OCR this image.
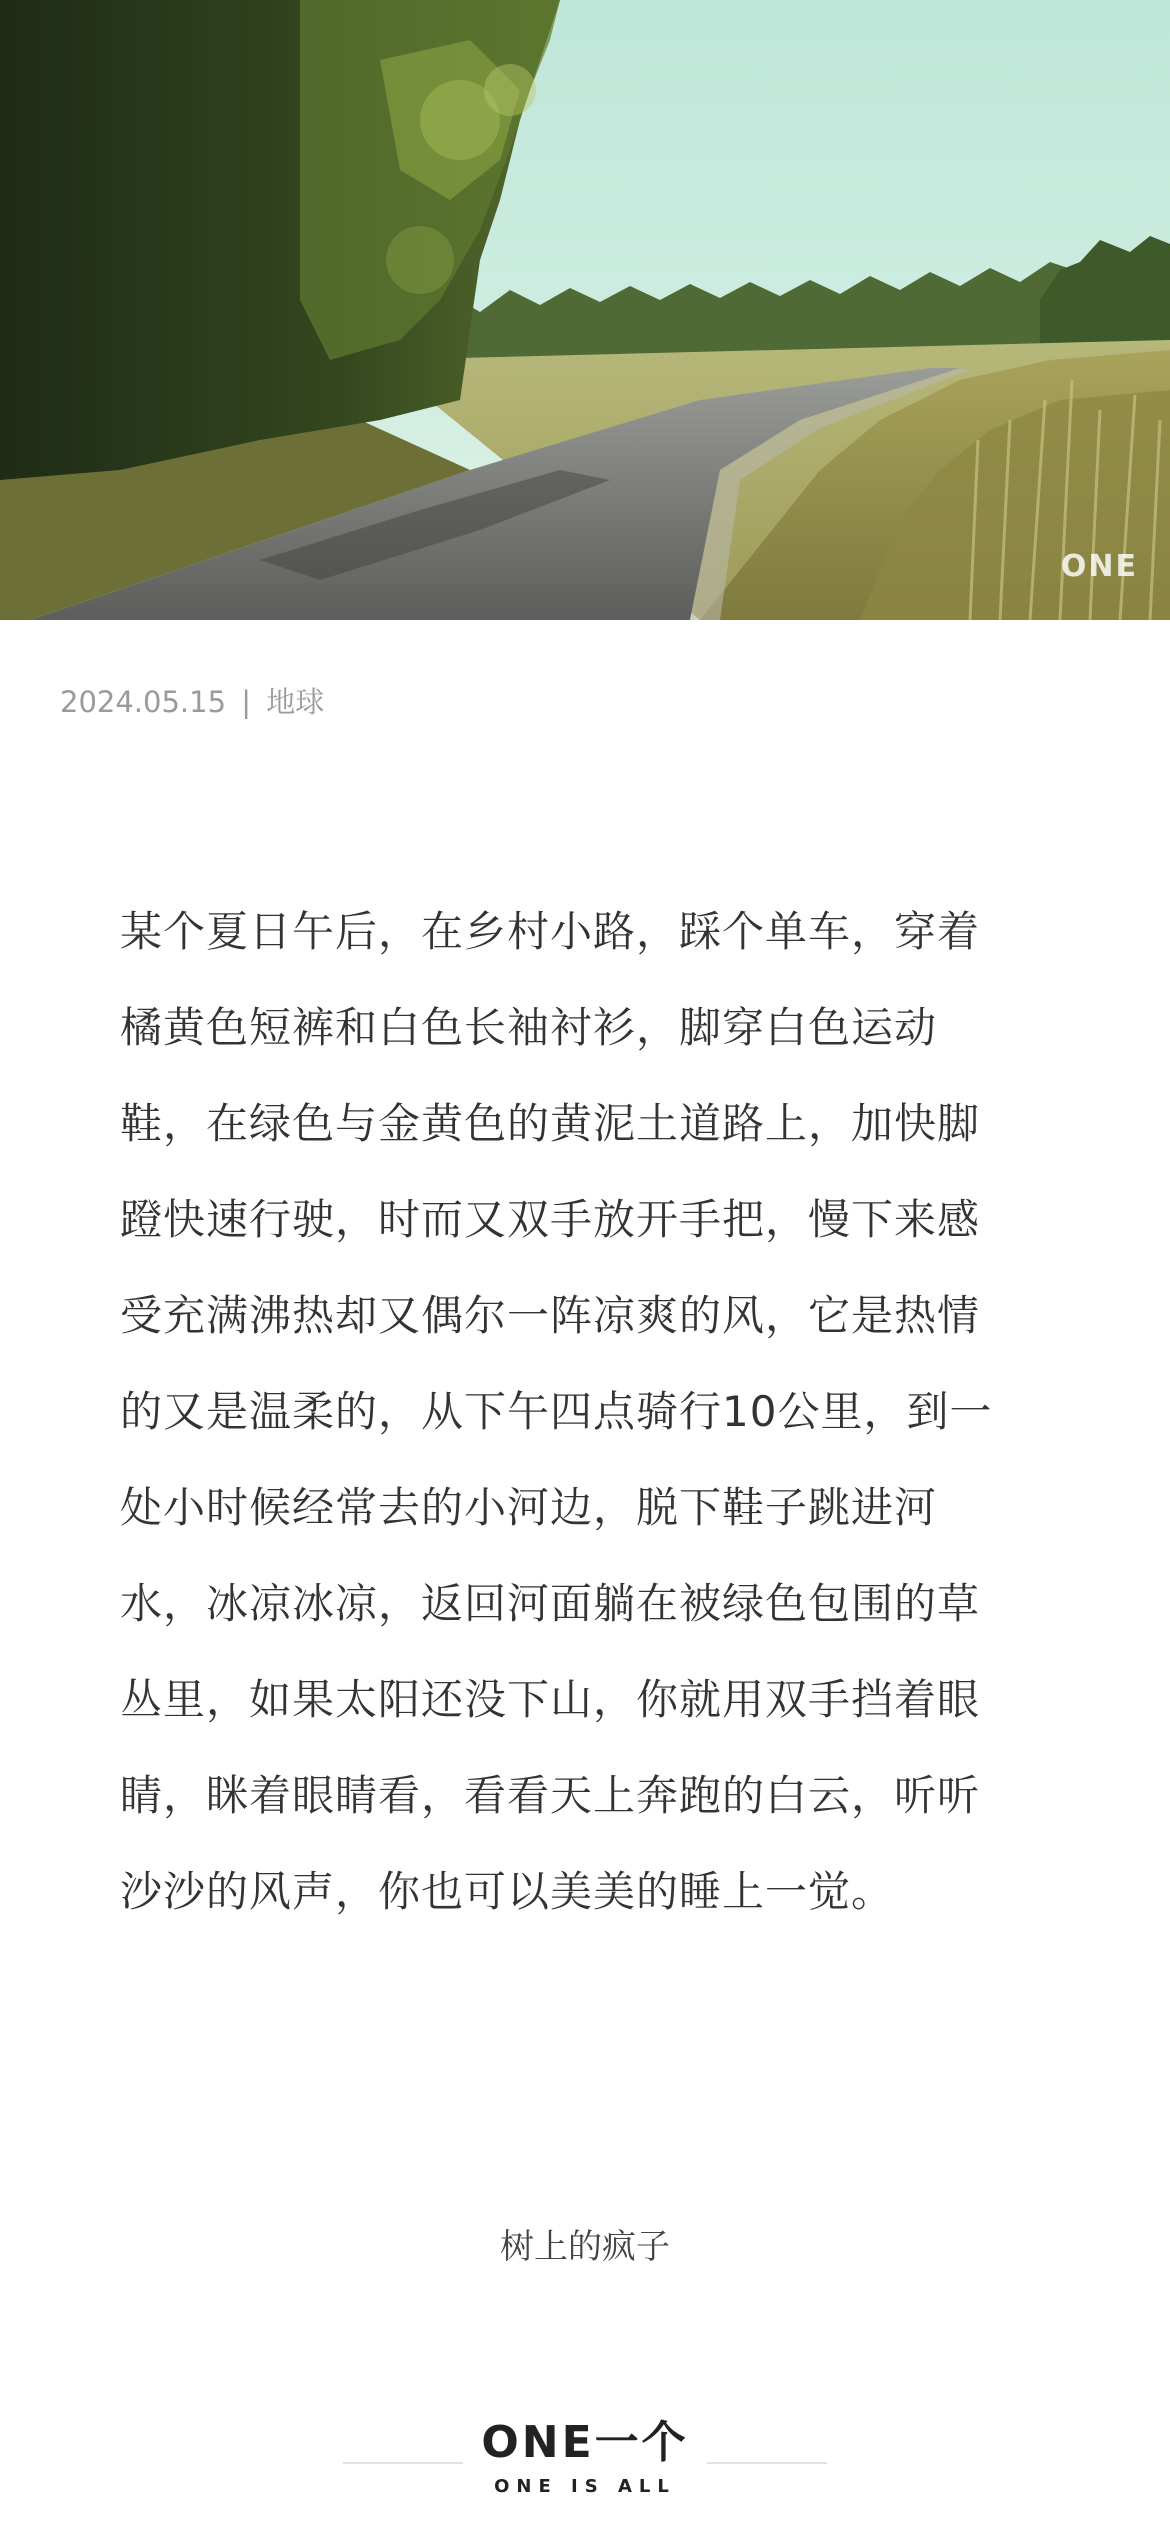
ONE
2024.05.15 | 地球
某个夏日午后，在乡村小路，踩个单车，穿着
橘黄色短裤和白色长袖衬衫，脚穿白色运动
鞋，在绿色与金黄色的黄泥土道路上，加快脚
蹬快速行驶，时而又双手放开手把，慢下来感
受充满沸热却又偶尔一阵凉爽的风，它是热情
的又是温柔的，从下午四点骑行10公里，到一
处小时候经常去的小河边，脱下鞋子跳进河
水，冰凉冰凉，返回河面躺在被绿色包围的草
丛里，如果太阳还没下山，你就用双手挡着眼
睛，眯着眼睛看，看看天上奔跑的白云，听听
沙沙的风声，你也可以美美的睡上一觉。
树上的疯子
ONE一个
ONE IS ALL
